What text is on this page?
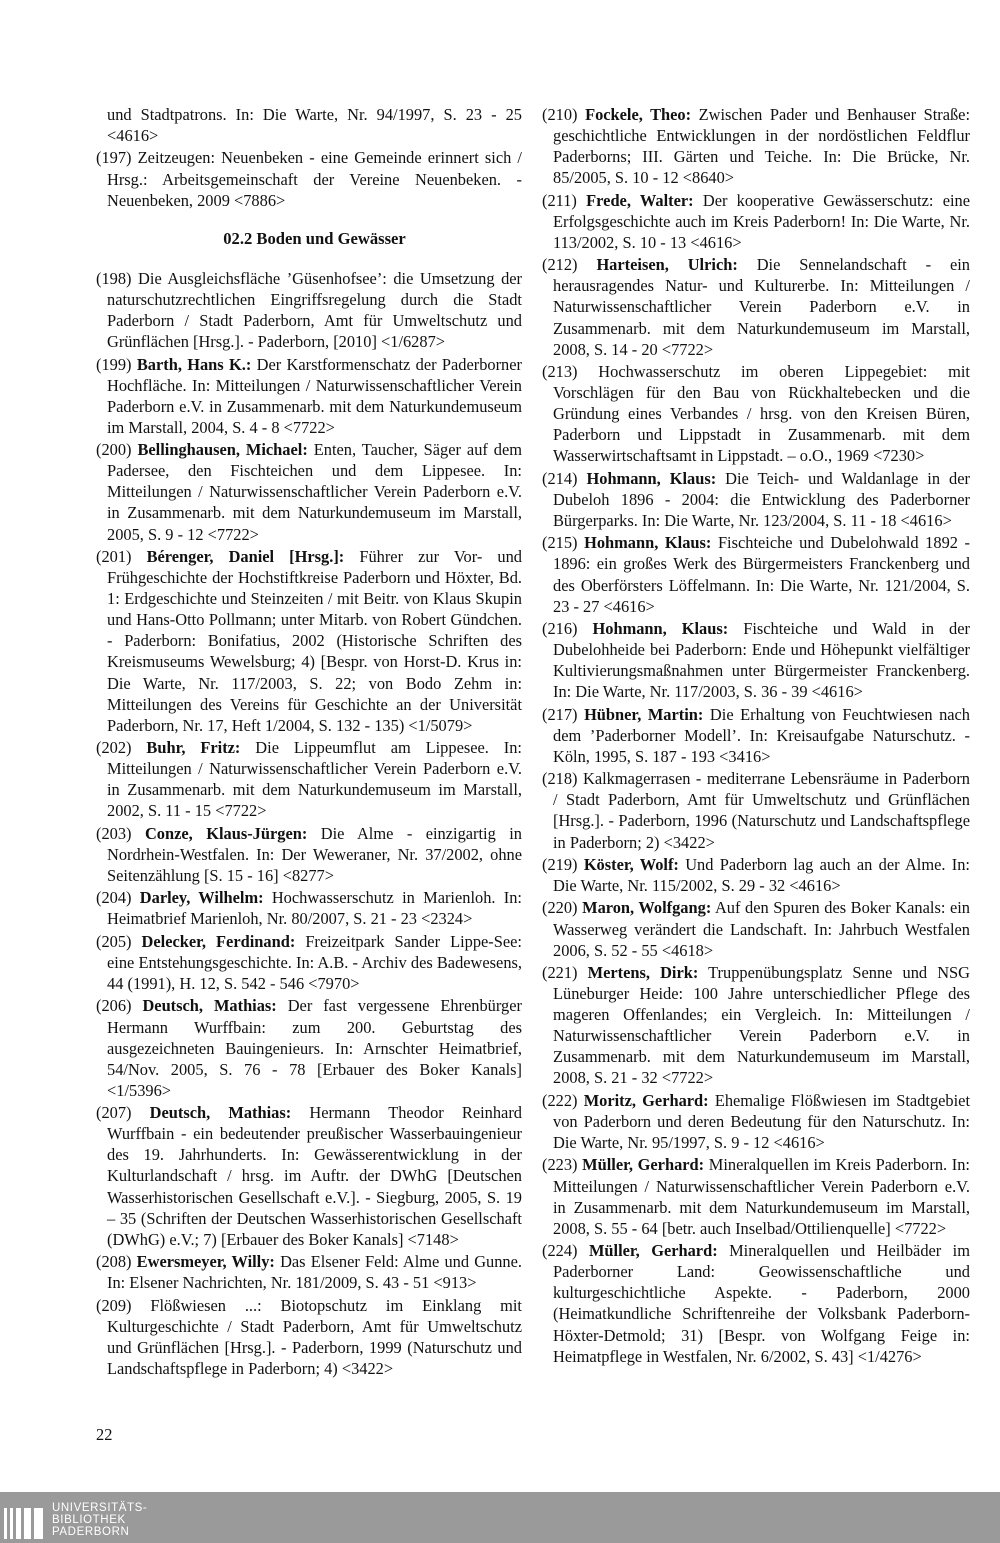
und Stadtpatrons. In: Die Warte, Nr. 94/1997, S. 23 - 25 <4616>

(197) Zeitzeugen: Neuenbeken - eine Gemeinde erinnert sich / Hrsg.: Arbeitsgemeinschaft der Vereine Neuenbeken. - Neuenbeken, 2009 <7886>

02.2 Boden und Gewässer

(198) Die Ausgleichsfläche ’Güsenhofsee’: die Umsetzung der naturschutzrechtlichen Eingriffsregelung durch die Stadt Paderborn / Stadt Paderborn, Amt für Umweltschutz und Grünflächen [Hrsg.]. - Paderborn, [2010] <1/6287>

(199) Barth, Hans K.: Der Karstformenschatz der Paderborner Hochfläche. In: Mitteilungen / Naturwissenschaftlicher Verein Paderborn e.V. in Zusammenarb. mit dem Naturkundemuseum im Marstall, 2004, S. 4 - 8 <7722>

(200) Bellinghausen, Michael: Enten, Taucher, Säger auf dem Padersee, den Fischteichen und dem Lippesee. In: Mitteilungen / Naturwissenschaftlicher Verein Paderborn e.V. in Zusammenarb. mit dem Naturkundemuseum im Marstall, 2005, S. 9 - 12 <7722>

(201) Bérenger, Daniel [Hrsg.]: Führer zur Vor- und Frühgeschichte der Hochstiftkreise Paderborn und Höxter, Bd. 1: Erdgeschichte und Steinzeiten / mit Beitr. von Klaus Skupin und Hans-Otto Pollmann; unter Mitarb. von Robert Gündchen. - Paderborn: Bonifatius, 2002 (Historische Schriften des Kreismuseums Wewelsburg; 4) [Bespr. von Horst-D. Krus in: Die Warte, Nr. 117/2003, S. 22; von Bodo Zehm in: Mitteilungen des Vereins für Geschichte an der Universität Paderborn, Nr. 17, Heft 1/2004, S. 132 - 135) <1/5079>

(202) Buhr, Fritz: Die Lippeumflut am Lippesee. In: Mitteilungen / Naturwissenschaftlicher Verein Paderborn e.V. in Zusammenarb. mit dem Naturkundemuseum im Marstall, 2002, S. 11 - 15 <7722>

(203) Conze, Klaus-Jürgen: Die Alme - einzigartig in Nordrhein-Westfalen. In: Der Weweraner, Nr. 37/2002, ohne Seitenzählung [S. 15 - 16] <8277>

(204) Darley, Wilhelm: Hochwasserschutz in Marienloh. In: Heimatbrief Marienloh, Nr. 80/2007, S. 21 - 23 <2324>

(205) Delecker, Ferdinand: Freizeitpark Sander Lippe-See: eine Entstehungsgeschichte. In: A.B. - Archiv des Badewesens, 44 (1991), H. 12, S. 542 - 546 <7970>

(206) Deutsch, Mathias: Der fast vergessene Ehrenbürger Hermann Wurffbain: zum 200. Geburtstag des ausgezeichneten Bauingenieurs. In: Arnschter Heimatbrief, 54/Nov. 2005, S. 76 - 78 [Erbauer des Boker Kanals] <1/5396>

(207) Deutsch, Mathias: Hermann Theodor Reinhard Wurffbain - ein bedeutender preußischer Wasserbauingenieur des 19. Jahrhunderts. In: Gewässerentwicklung in der Kulturlandschaft / hrsg. im Auftr. der DWhG [Deutschen Wasserhistorischen Gesellschaft e.V.]. - Siegburg, 2005, S. 19 – 35 (Schriften der Deutschen Wasserhistorischen Gesellschaft (DWhG) e.V.; 7) [Erbauer des Boker Kanals] <7148>

(208) Ewersmeyer, Willy: Das Elsener Feld: Alme und Gunne. In: Elsener Nachrichten, Nr. 181/2009, S. 43 - 51 <913>

(209) Flößwiesen ...: Biotopschutz im Einklang mit Kulturgeschichte / Stadt Paderborn, Amt für Umweltschutz und Grünflächen [Hrsg.]. - Paderborn, 1999 (Naturschutz und Landschaftspflege in Paderborn; 4) <3422>

(210) Fockele, Theo: Zwischen Pader und Benhauser Straße: geschichtliche Entwicklungen in der nordöstlichen Feldflur Paderborns; III. Gärten und Teiche. In: Die Brücke, Nr. 85/2005, S. 10 - 12 <8640>

(211) Frede, Walter: Der kooperative Gewässerschutz: eine Erfolgsgeschichte auch im Kreis Paderborn! In: Die Warte, Nr. 113/2002, S. 10 - 13 <4616>

(212) Harteisen, Ulrich: Die Sennelandschaft - ein herausragendes Natur- und Kulturerbe. In: Mitteilungen / Naturwissenschaftlicher Verein Paderborn e.V. in Zusammenarb. mit dem Naturkundemuseum im Marstall, 2008, S. 14 - 20 <7722>

(213) Hochwasserschutz im oberen Lippegebiet: mit Vorschlägen für den Bau von Rückhaltebecken und die Gründung eines Verbandes / hrsg. von den Kreisen Büren, Paderborn und Lippstadt in Zusammenarb. mit dem Wasserwirtschaftsamt in Lippstadt. – o.O., 1969 <7230>

(214) Hohmann, Klaus: Die Teich- und Waldanlage in der Dubeloh 1896 - 2004: die Entwicklung des Paderborner Bürgerparks. In: Die Warte, Nr. 123/2004, S. 11 - 18 <4616>

(215) Hohmann, Klaus: Fischteiche und Dubelohwald 1892 - 1896: ein großes Werk des Bürgermeisters Franckenberg und des Oberförsters Löffelmann. In: Die Warte, Nr. 121/2004, S. 23 - 27 <4616>

(216) Hohmann, Klaus: Fischteiche und Wald in der Dubelohheide bei Paderborn: Ende und Höhepunkt vielfältiger Kultivierungsmaßnahmen unter Bürgermeister Franckenberg. In: Die Warte, Nr. 117/2003, S. 36 - 39 <4616>

(217) Hübner, Martin: Die Erhaltung von Feuchtwiesen nach dem ’Paderborner Modell’. In: Kreisaufgabe Naturschutz. - Köln, 1995, S. 187 - 193 <3416>

(218) Kalkmagerrasen - mediterrane Lebensräume in Paderborn / Stadt Paderborn, Amt für Umweltschutz und Grünflächen [Hrsg.]. - Paderborn, 1996 (Naturschutz und Landschaftspflege in Paderborn; 2) <3422>

(219) Köster, Wolf: Und Paderborn lag auch an der Alme. In: Die Warte, Nr. 115/2002, S. 29 - 32 <4616>

(220) Maron, Wolfgang: Auf den Spuren des Boker Kanals: ein Wasserweg verändert die Landschaft. In: Jahrbuch Westfalen 2006, S. 52 - 55 <4618>

(221) Mertens, Dirk: Truppenübungsplatz Senne und NSG Lüneburger Heide: 100 Jahre unterschiedlicher Pflege des mageren Offenlandes; ein Vergleich. In: Mitteilungen / Naturwissenschaftlicher Verein Paderborn e.V. in Zusammenarb. mit dem Naturkundemuseum im Marstall, 2008, S. 21 - 32 <7722>

(222) Moritz, Gerhard: Ehemalige Flößwiesen im Stadtgebiet von Paderborn und deren Bedeutung für den Naturschutz. In: Die Warte, Nr. 95/1997, S. 9 - 12 <4616>

(223) Müller, Gerhard: Mineralquellen im Kreis Paderborn. In: Mitteilungen / Naturwissenschaftlicher Verein Paderborn e.V. in Zusammenarb. mit dem Naturkundemuseum im Marstall, 2008, S. 55 - 64 [betr. auch Inselbad/Ottilienquelle] <7722>

(224) Müller, Gerhard: Mineralquellen und Heilbäder im Paderborner Land: Geowissenschaftliche und kulturgeschichtliche Aspekte. - Paderborn, 2000 (Heimatkundliche Schriftenreihe der Volksbank Paderborn-Höxter-Detmold; 31) [Bespr. von Wolfgang Feige in: Heimatpflege in Westfalen, Nr. 6/2002, S. 43] <1/4276>

22
UNIVERSITÄTS-
BIBLIOTHEK
PADERBORN
